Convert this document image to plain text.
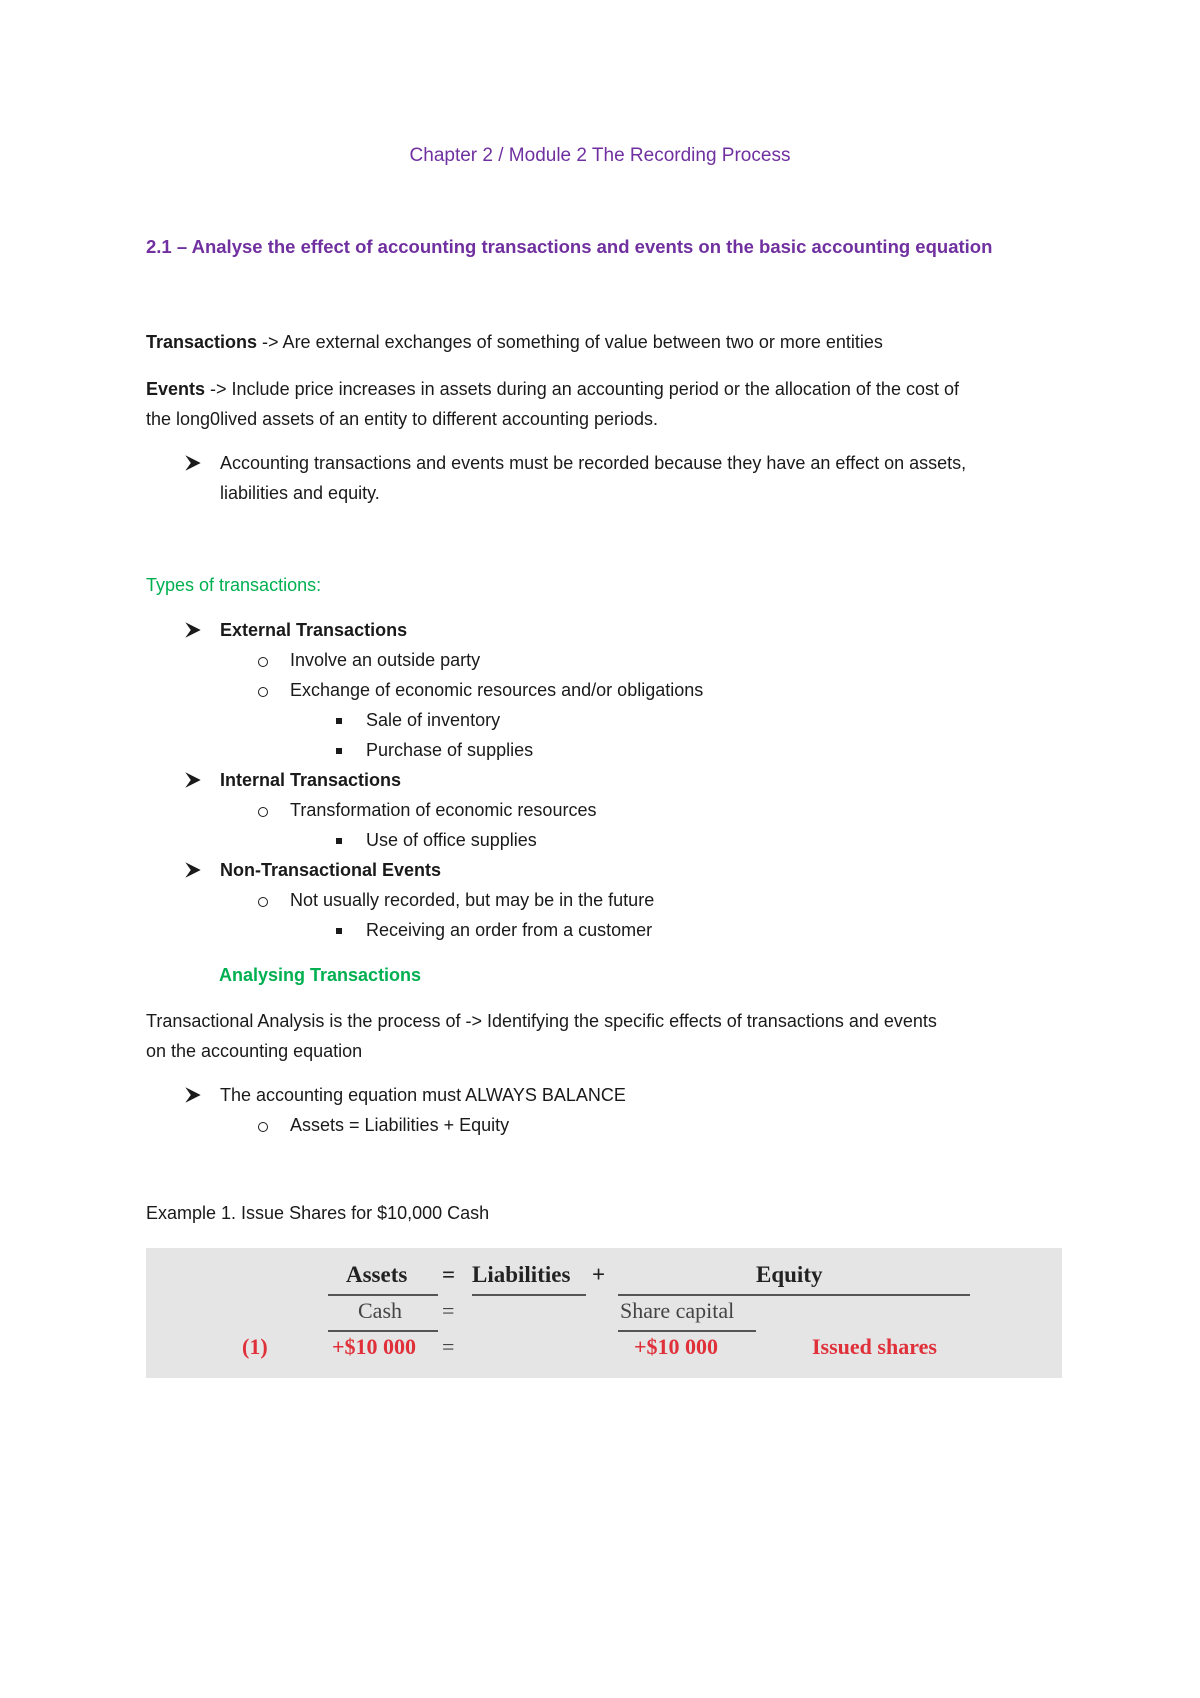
Chapter 2 / Module 2 The Recording Process

2.1 – Analyse the effect of accounting transactions and events on the basic accounting equation

Transactions -> Are external exchanges of something of value between two or more entities

Events -> Include price increases in assets during an accounting period or the allocation of the cost of
the long0lived assets of an entity to different accounting periods.

Accounting transactions and events must be recorded because they have an effect on assets,
liabilities and equity.

Types of transactions:

External Transactions
Involve an outside party
Exchange of economic resources and/or obligations
Sale of inventory
Purchase of supplies
Internal Transactions
Transformation of economic resources
Use of office supplies
Non-Transactional Events
Not usually recorded, but may be in the future
Receiving an order from a customer

Analysing Transactions

Transactional Analysis is the process of -> Identifying the specific effects of transactions and events
on the accounting equation

The accounting equation must ALWAYS BALANCE
Assets = Liabilities + Equity

Example 1. Issue Shares for $10,000 Cash

Assets = Liabilities +	Equity
Cash =	Share capital
(1)	+$10 000 =	+$10 000	Issued shares
